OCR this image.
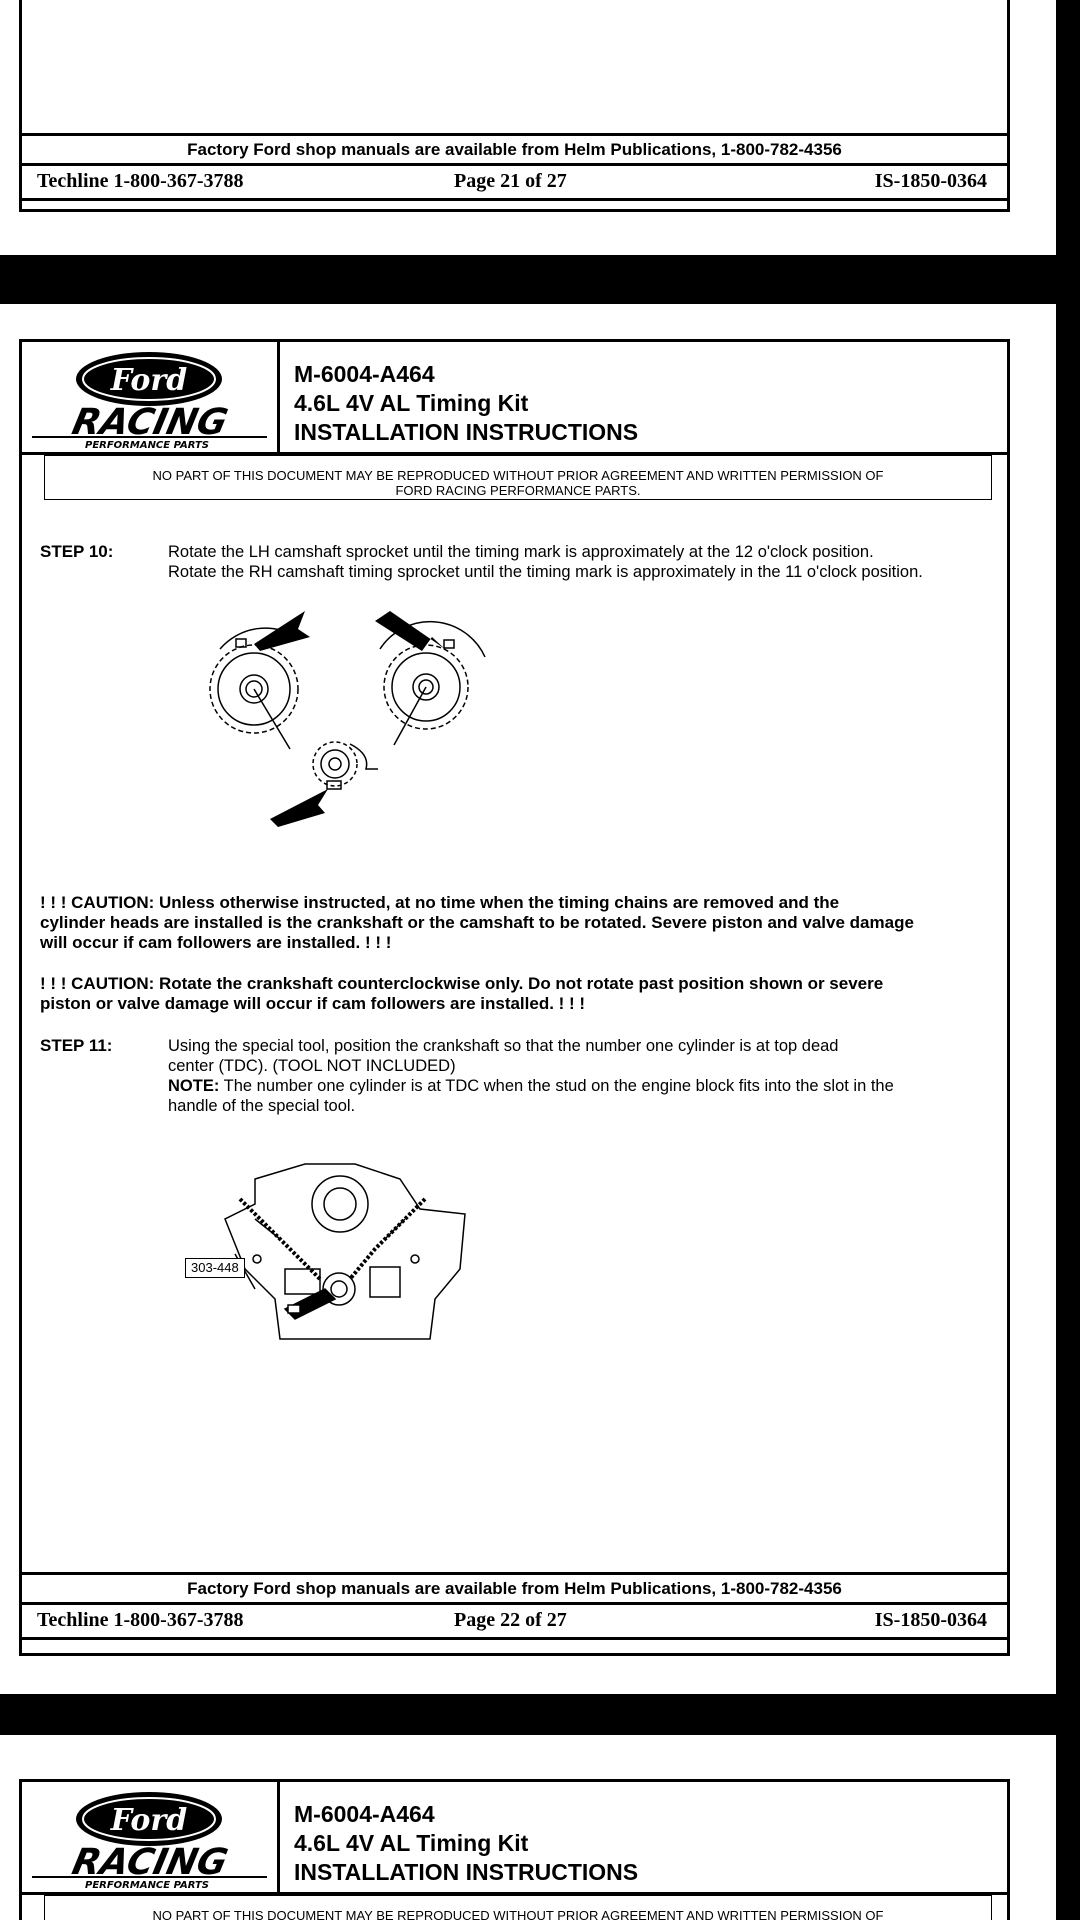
Factory Ford shop manuals are available from Helm Publications, 1-800-782-4356
Techline 1-800-367-3788	Page 21 of 27	IS-1850-0364
Ford
RACING
PERFORMANCE PARTS
M-6004-A464
4.6L 4V AL Timing Kit
INSTALLATION INSTRUCTIONS
NO PART OF THIS DOCUMENT MAY BE REPRODUCED WITHOUT PRIOR AGREEMENT AND WRITTEN PERMISSION OF
FORD RACING PERFORMANCE PARTS.
STEP 10:	Rotate the LH camshaft sprocket until the timing mark is approximately at the 12 o'clock position.
Rotate the RH camshaft timing sprocket until the timing mark is approximately in the 11 o'clock position.
! ! ! CAUTION: Unless otherwise instructed, at no time when the timing chains are removed and the
cylinder heads are installed is the crankshaft or the camshaft to be rotated. Severe piston and valve damage
will occur if cam followers are installed. ! ! !
! ! ! CAUTION: Rotate the crankshaft counterclockwise only. Do not rotate past position shown or severe
piston or valve damage will occur if cam followers are installed. ! ! !
STEP 11:	Using the special tool, position the crankshaft so that the number one cylinder is at top dead
center (TDC). (TOOL NOT INCLUDED)
NOTE: The number one cylinder is at TDC when the stud on the engine block fits into the slot in the
handle of the special tool.
303-448
Factory Ford shop manuals are available from Helm Publications, 1-800-782-4356
Techline 1-800-367-3788	Page 22 of 27	IS-1850-0364
Ford
RACING
PERFORMANCE PARTS
M-6004-A464
4.6L 4V AL Timing Kit
INSTALLATION INSTRUCTIONS
NO PART OF THIS DOCUMENT MAY BE REPRODUCED WITHOUT PRIOR AGREEMENT AND WRITTEN PERMISSION OF
